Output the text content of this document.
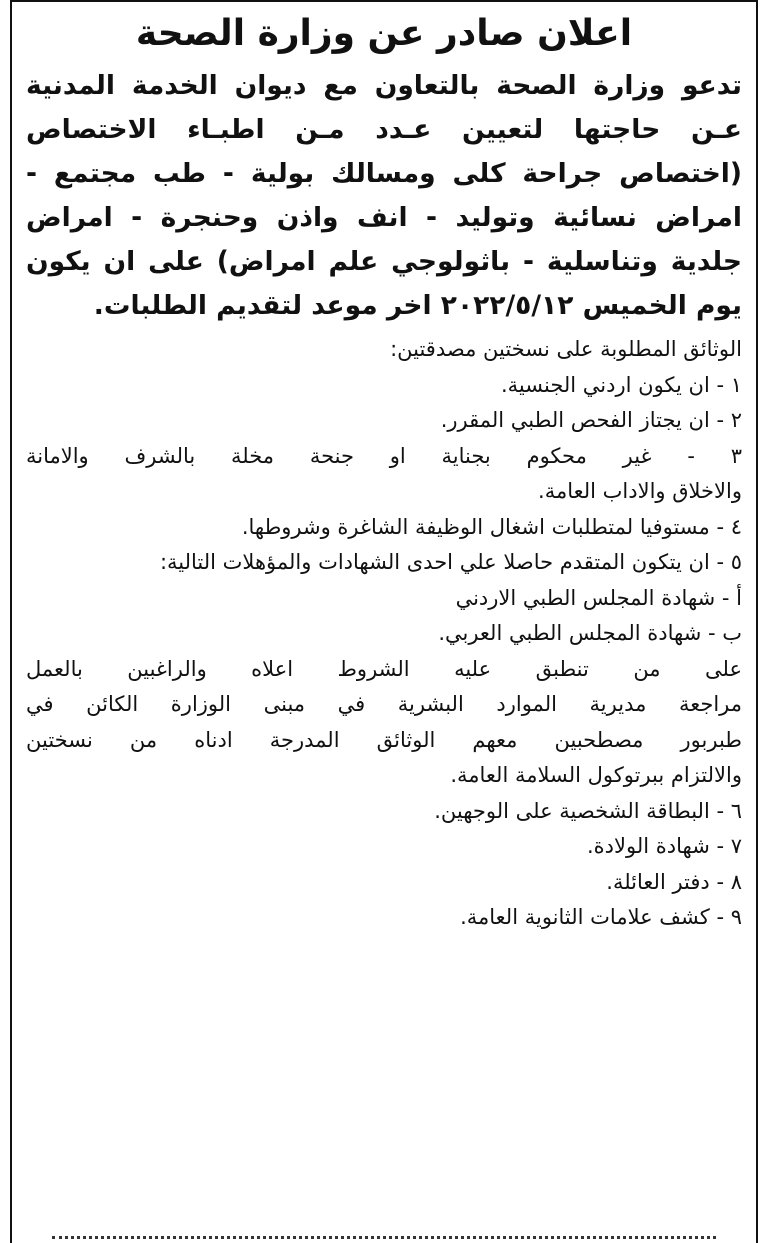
اعلان صادر عن وزارة الصحة
تدعو وزارة الصحة بالتعاون مع ديوان الخدمة المدنية
عـن حاجتها لتعيين عـدد مـن اطبـاء الاختصاص
(اختصاص جراحة كلى ومسالك بولية - طب مجتمع -
امراض نسائية وتوليد - انف واذن وحنجرة - امراض
جلدية وتناسلية - باثولوجي علم امراض) على ان يكون
يوم الخميس ٢٠٢٢/٥/١٢ اخر موعد لتقديم الطلبات.
الوثائق المطلوبة على نسختين مصدقتين:
١ - ان يكون اردني الجنسية.
٢ - ان يجتاز الفحص الطبي المقرر.
٣ - غير محكوم بجناية او جنحة مخلة بالشرف والامانة
والاخلاق والاداب العامة.
٤ - مستوفيا لمتطلبات اشغال الوظيفة الشاغرة وشروطها.
٥ - ان يتكون المتقدم حاصلا علي احدى الشهادات والمؤهلات التالية:
أ - شهادة المجلس الطبي الاردني
ب - شهادة المجلس الطبي العربي.
على من تنطبق عليه الشروط اعلاه والراغبين بالعمل
مراجعة مديرية الموارد البشرية في مبنى الوزارة الكائن في
طبربور مصطحبين معهم الوثائق المدرجة ادناه من نسختين
والالتزام ببرتوكول السلامة العامة.
٦ - البطاقة الشخصية على الوجهين.
٧ - شهادة الولادة.
٨ - دفتر العائلة.
٩ - كشف علامات الثانوية العامة.
